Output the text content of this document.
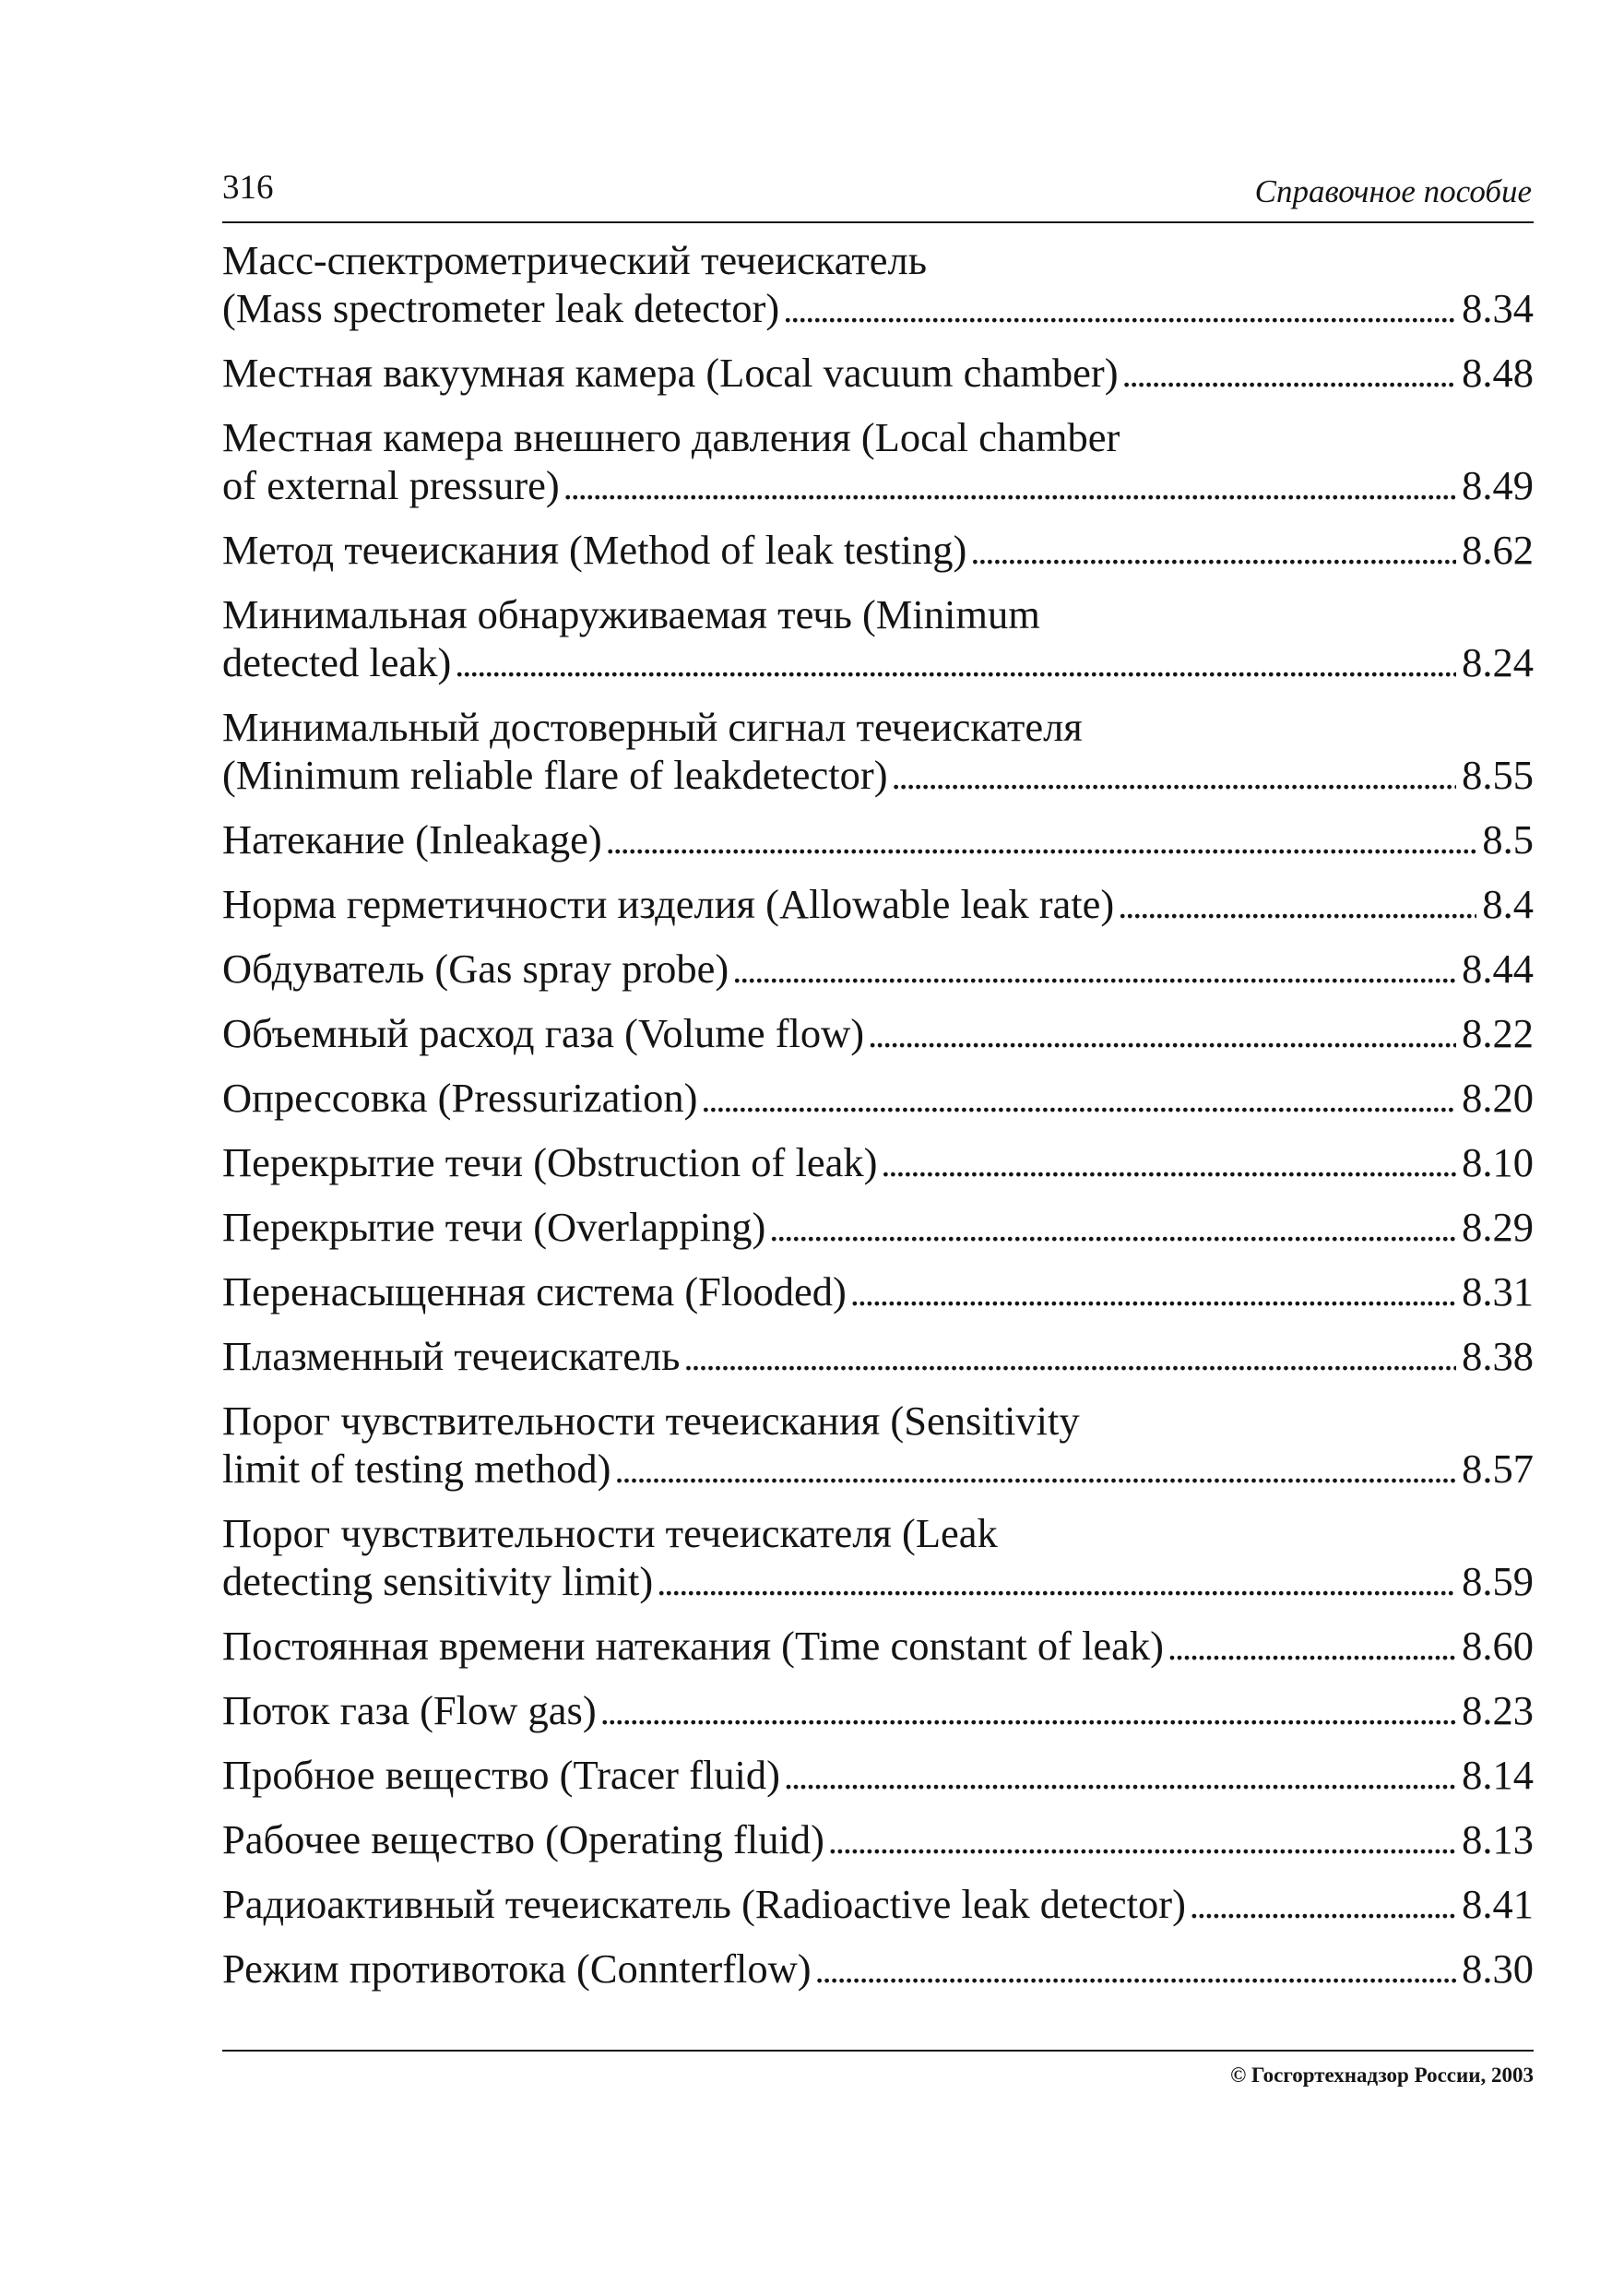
316	Справочное пособие
Масс-спектрометрический течеискатель
(Mass spectrometer leak detector) . . .	8.34
Местная вакуумная камера (Local vacuum chamber) . . .	8.48
Местная камера внешнего давления (Local chamber
of external pressure) . . .	8.49
Метод течеискания (Method of leak testing) . . .	8.62
Минимальная обнаруживаемая течь (Minimum
detected leak) . . .	8.24
Минимальный достоверный сигнал течеискателя
(Minimum reliable flare of leakdetector) . . .	8.55
Натекание (Inleakage) . . .	8.5
Норма герметичности изделия (Allowable leak rate) . . .	8.4
Обдуватель (Gas spray probe) . . .	8.44
Объемный расход газа (Volume flow) . . .	8.22
Опрессовка (Pressurization) . . .	8.20
Перекрытие течи (Obstruction of leak) . . .	8.10
Перекрытие течи (Overlapping) . . .	8.29
Перенасыщенная система (Flooded) . . .	8.31
Плазменный течеискатель . . .	8.38
Порог чувствительности течеискания (Sensitivity
limit of testing method) . . .	8.57
Порог чувствительности течеискателя (Leak
detecting sensitivity limit) . . .	8.59
Постоянная времени натекания (Time constant of leak) . . .	8.60
Поток газа (Flow gas) . . .	8.23
Пробное вещество (Tracer fluid) . . .	8.14
Рабочее вещество (Operating fluid) . . .	8.13
Радиоактивный течеискатель (Radioactive leak detector) . . .	8.41
Режим противотока (Connterflow) . . .	8.30
© Госгортехнадзор России, 2003
